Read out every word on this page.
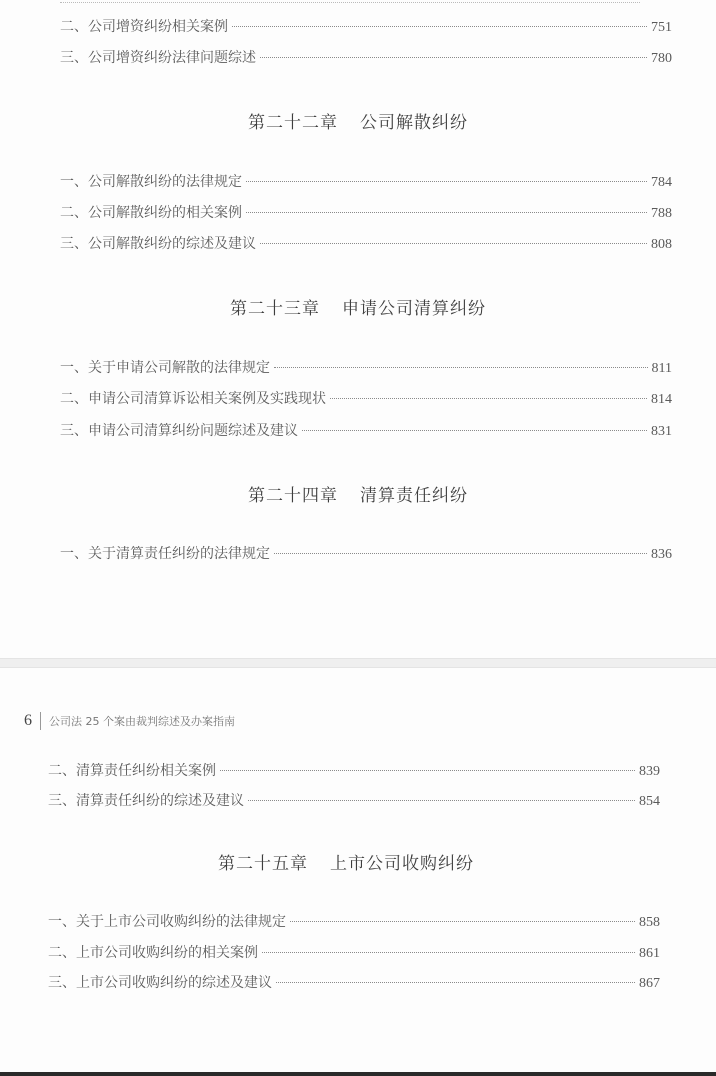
二、公司增资纠纷相关案例	751
三、公司增资纠纷法律问题综述	780
第二十二章 公司解散纠纷
一、公司解散纠纷的法律规定	784
二、公司解散纠纷的相关案例	788
三、公司解散纠纷的综述及建议	808
第二十三章 申请公司清算纠纷
一、关于申请公司解散的法律规定	811
二、申请公司清算诉讼相关案例及实践现状	814
三、申请公司清算纠纷问题综述及建议	831
第二十四章 清算责任纠纷
一、关于清算责任纠纷的法律规定	836
6 公司法 25 个案由裁判综述及办案指南
二、清算责任纠纷相关案例	839
三、清算责任纠纷的综述及建议	854
第二十五章 上市公司收购纠纷
一、关于上市公司收购纠纷的法律规定	858
二、上市公司收购纠纷的相关案例	861
三、上市公司收购纠纷的综述及建议	867
